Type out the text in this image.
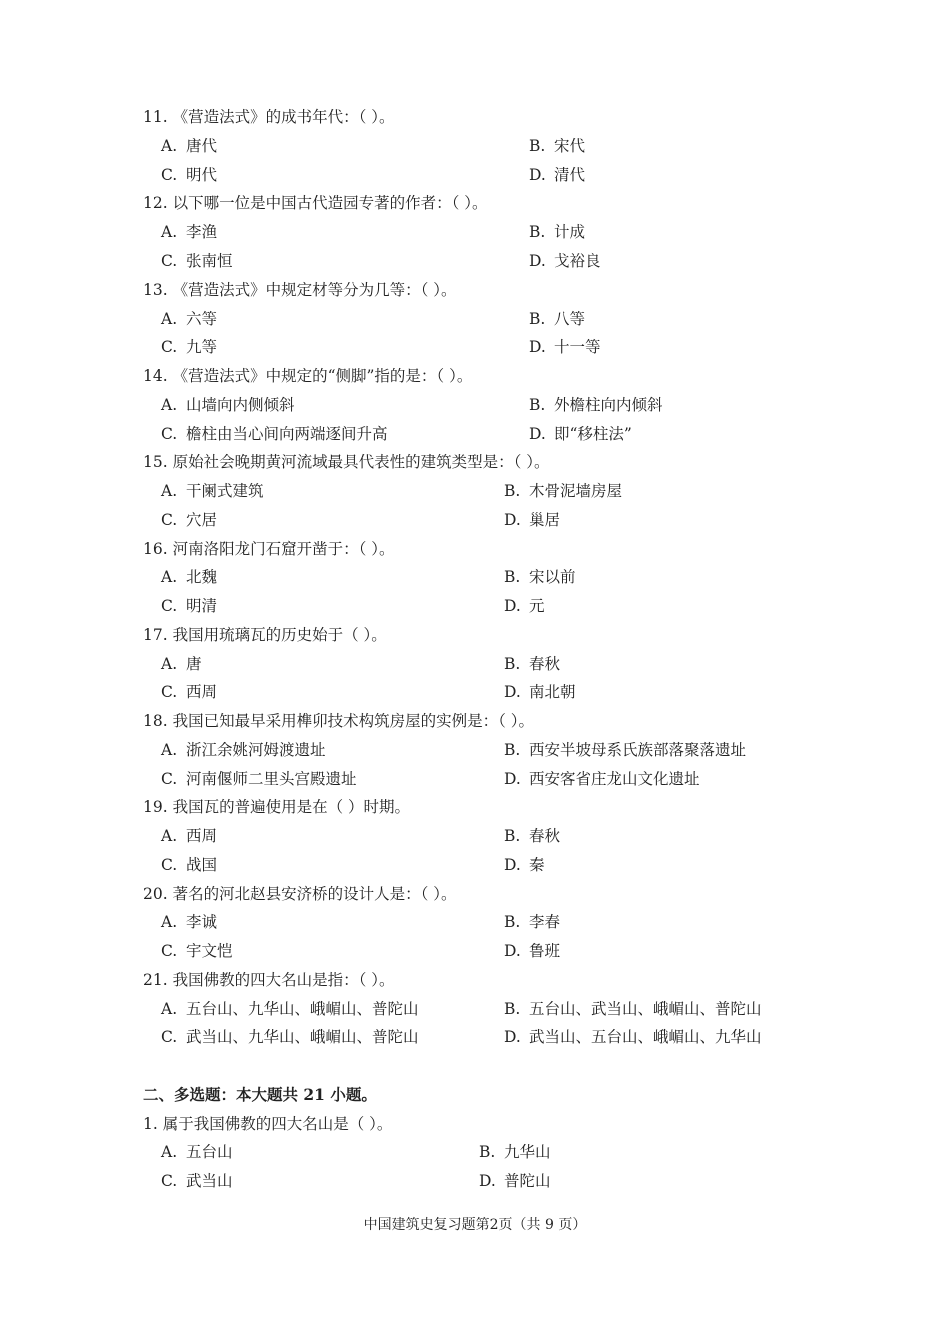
11. 《营造法式》的成书年代：（ ）。
A. 唐代	B. 宋代
C. 明代	D. 清代
12. 以下哪一位是中国古代造园专著的作者：（ ）。
A. 李渔	B. 计成
C. 张南恒	D. 戈裕良
13. 《营造法式》中规定材等分为几等：（ ）。
A. 六等	B. 八等
C. 九等	D. 十一等
14. 《营造法式》中规定的“侧脚”指的是：（ ）。
A. 山墙向内侧倾斜	B. 外檐柱向内倾斜
C. 檐柱由当心间向两端逐间升高	D. 即“移柱法”
15. 原始社会晚期黄河流域最具代表性的建筑类型是：（ ）。
A. 干阑式建筑	B. 木骨泥墙房屋
C. 穴居	D. 巢居
16. 河南洛阳龙门石窟开凿于：（ ）。
A. 北魏	B. 宋以前
C. 明清	D. 元
17. 我国用琉璃瓦的历史始于（ ）。
A. 唐	B. 春秋
C. 西周	D. 南北朝
18. 我国已知最早采用榫卯技术构筑房屋的实例是：（ ）。
A. 浙江余姚河姆渡遗址	B. 西安半坡母系氏族部落聚落遗址
C. 河南偃师二里头宫殿遗址	D. 西安客省庄龙山文化遗址
19. 我国瓦的普遍使用是在（ ）时期。
A. 西周	B. 春秋
C. 战国	D. 秦
20. 著名的河北赵县安济桥的设计人是：（ ）。
A. 李诚	B. 李春
C. 宇文恺	D. 鲁班
21. 我国佛教的四大名山是指：（ ）。
A. 五台山、九华山、峨嵋山、普陀山	B. 五台山、武当山、峨嵋山、普陀山
C. 武当山、九华山、峨嵋山、普陀山	D. 武当山、五台山、峨嵋山、九华山
二、多选题：本大题共 21 小题。
1. 属于我国佛教的四大名山是（ ）。
A. 五台山	B. 九华山
C. 武当山	D. 普陀山
中国建筑史复习题第2页（共 9 页）
